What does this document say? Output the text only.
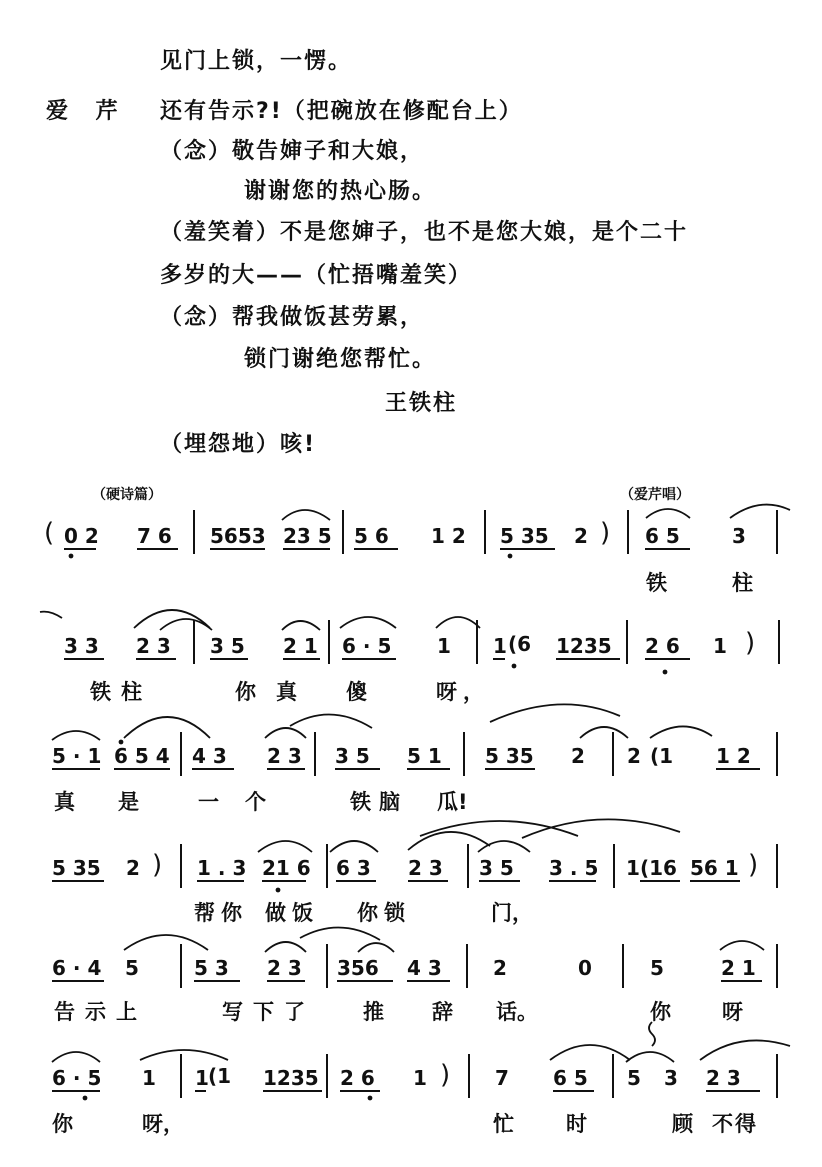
见门上锁，一愣。
爱 芹 还有告示?!（把碗放在修配台上）
（念）敬告婶子和大娘，
谢谢您的热心肠。
（羞笑着）不是您婶子，也不是您大娘，是个二十
多岁的大——（忙捂嘴羞笑）
（念）帮我做饭甚劳累，
锁门谢绝您帮忙。
王铁柱
（埋怨地）咳!
（硬诗篇）	（爱芹唱）
( 0 2 7 6 5653 23 5 5 6 1 2 5 35 2 ) 6 5	3
铁	柱
3 3 2 3 3 5 2 1 6 · 5 1 1 (6 1235 2 6 1 )
铁柱	你真 傻	呀，
5 · 1 6 5 4 4 3 2 3 3 5 5 1 5 35 2 2 (1 1 2
真 是	一个	铁脑 瓜!
5 35 2 ) 1 . 3 21 6 6 3 2 3 3 5 3 . 5 1 (16 56 1 )
帮你 做饭 你锁	门，
6 · 4 5	5 3 2 3 356 4 3	2	0	5	2 1
告示上	写下了 推 辞 话。	你 呀
6 · 5 1 1 (1 1235 2 6 1 ) 7 6 5 5 3 2 3
你	呀，	忙 时	顾 不得
